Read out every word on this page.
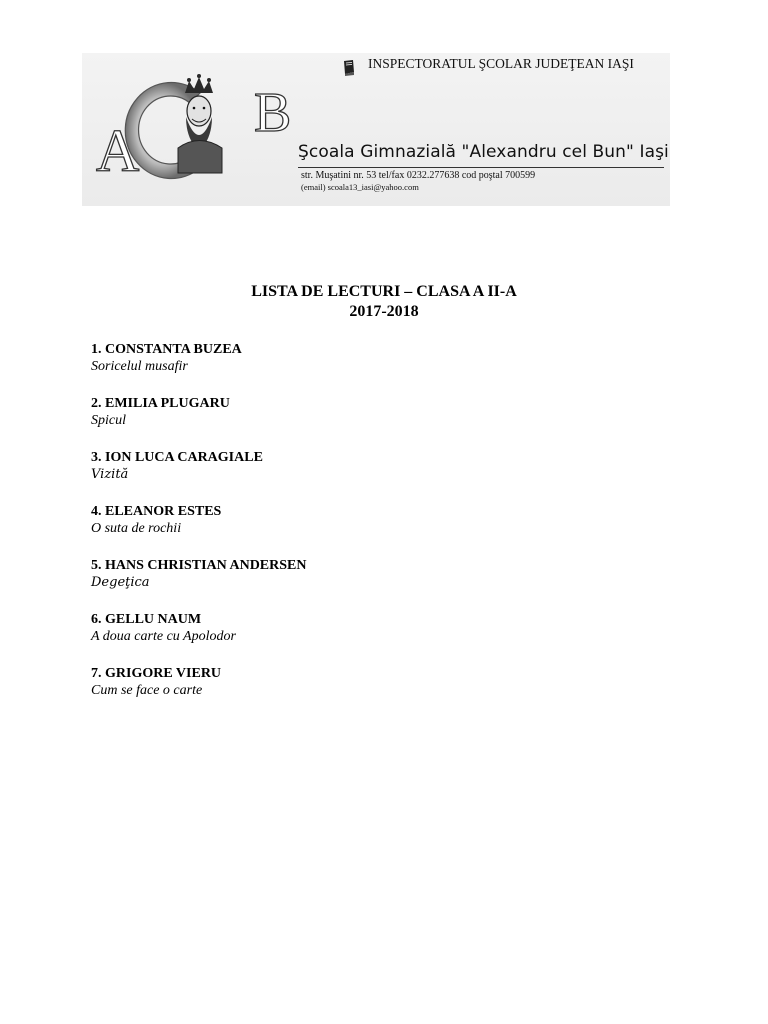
A
B
C
INSPECTORATUL ŞCOLAR JUDEŢEAN IAŞI
Şcoala Gimnazială "Alexandru cel Bun" Iaşi
str. Muşatini nr. 53 tel/fax 0232.277638 cod poştal 700599
(email) scoala13_iasi@yahoo.com
LISTA DE LECTURI – CLASA A II-A
2017-2018
1. CONSTANTA BUZEA
Soricelul musafir
2. EMILIA PLUGARU
Spicul
3. ION LUCA CARAGIALE
Vizită
4. ELEANOR ESTES
O suta de rochii
5. HANS CHRISTIAN ANDERSEN
Degeţica
6. GELLU NAUM
A doua carte cu Apolodor
7. GRIGORE VIERU
Cum se face o carte
